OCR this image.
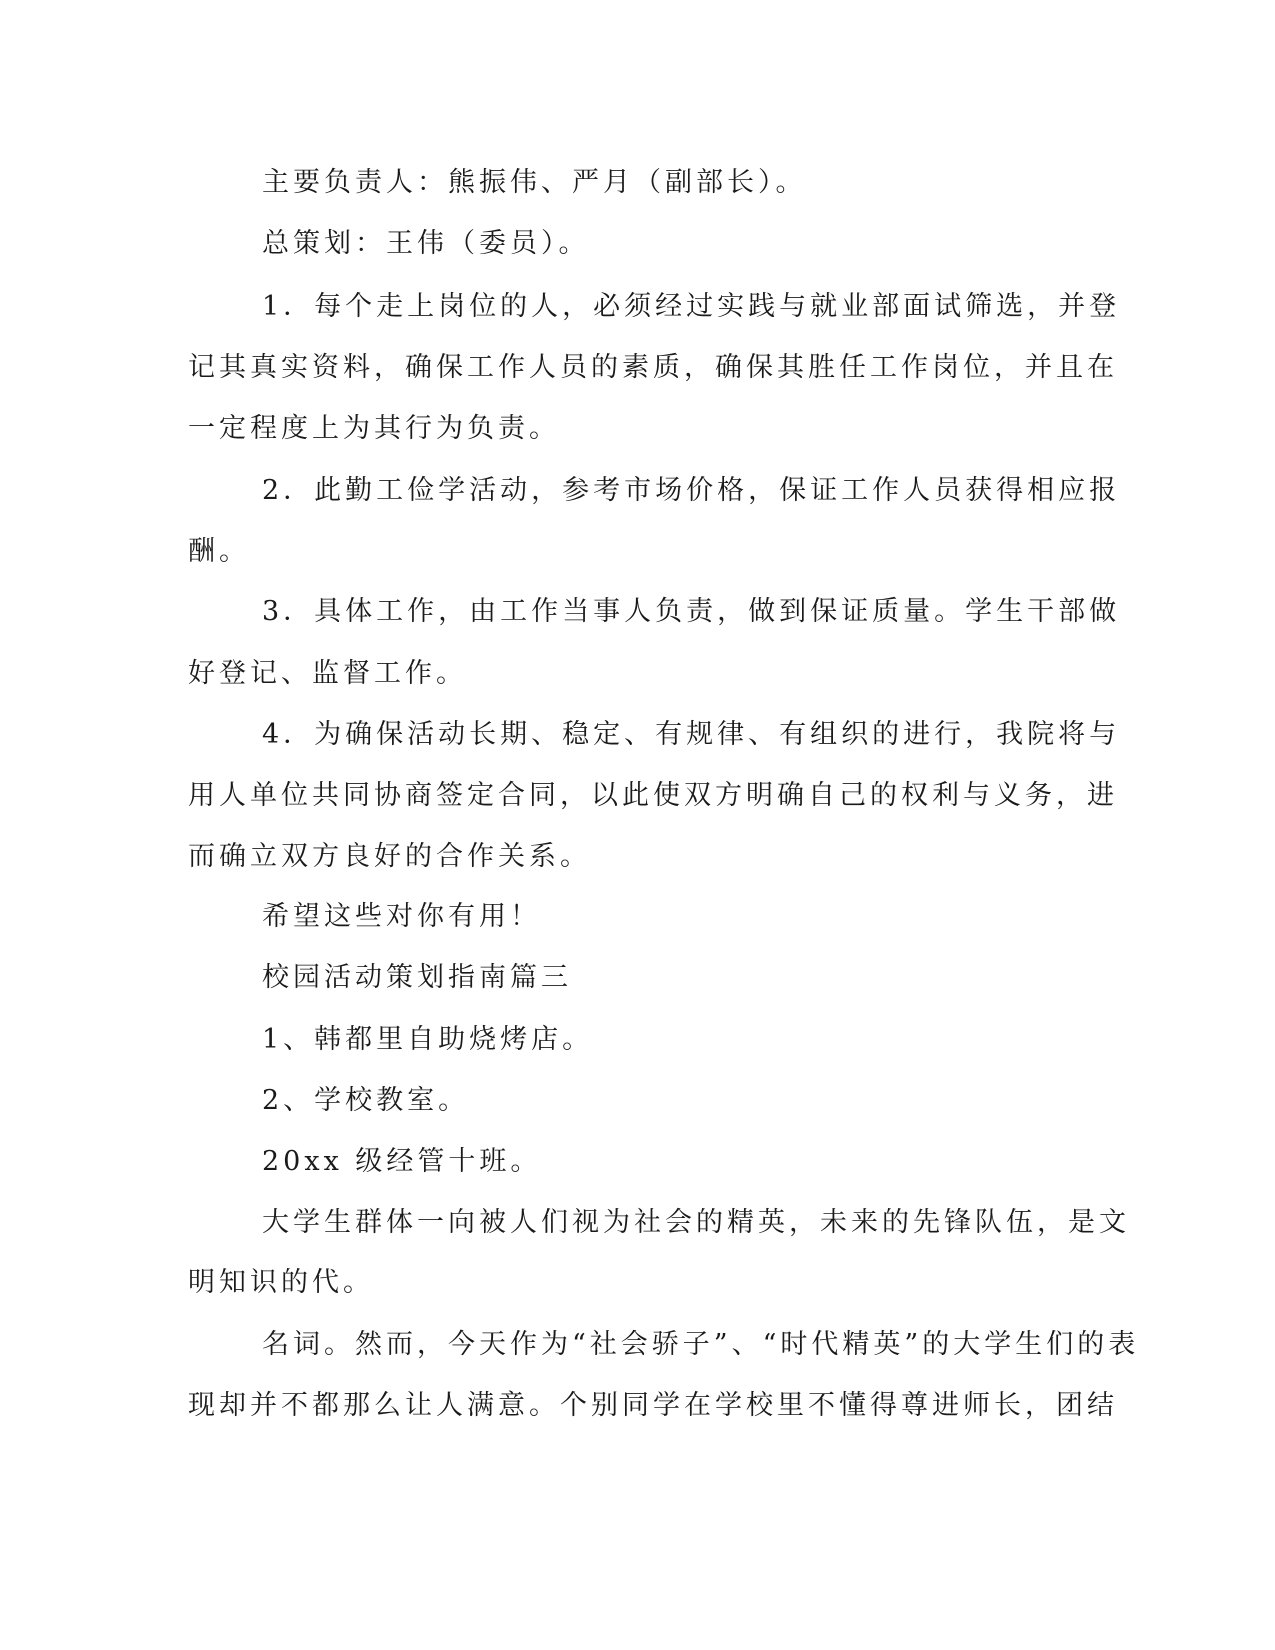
主要负责人：熊振伟、严月（副部长）。
总策划：王伟（委员）。
1．每个走上岗位的人，必须经过实践与就业部面试筛选，并登
记其真实资料，确保工作人员的素质，确保其胜任工作岗位，并且在
一定程度上为其行为负责。
2．此勤工俭学活动，参考市场价格，保证工作人员获得相应报
酬。
3．具体工作，由工作当事人负责，做到保证质量。学生干部做
好登记、监督工作。
4．为确保活动长期、稳定、有规律、有组织的进行，我院将与
用人单位共同协商签定合同，以此使双方明确自己的权利与义务，进
而确立双方良好的合作关系。
希望这些对你有用！
校园活动策划指南篇三
1、韩都里自助烧烤店。
2、学校教室。
20xx 级经管十班。
大学生群体一向被人们视为社会的精英，未来的先锋队伍，是文
明知识的代。
名词。然而，今天作为“社会骄子”、“时代精英”的大学生们的表
现却并不都那么让人满意。个别同学在学校里不懂得尊进师长，团结
